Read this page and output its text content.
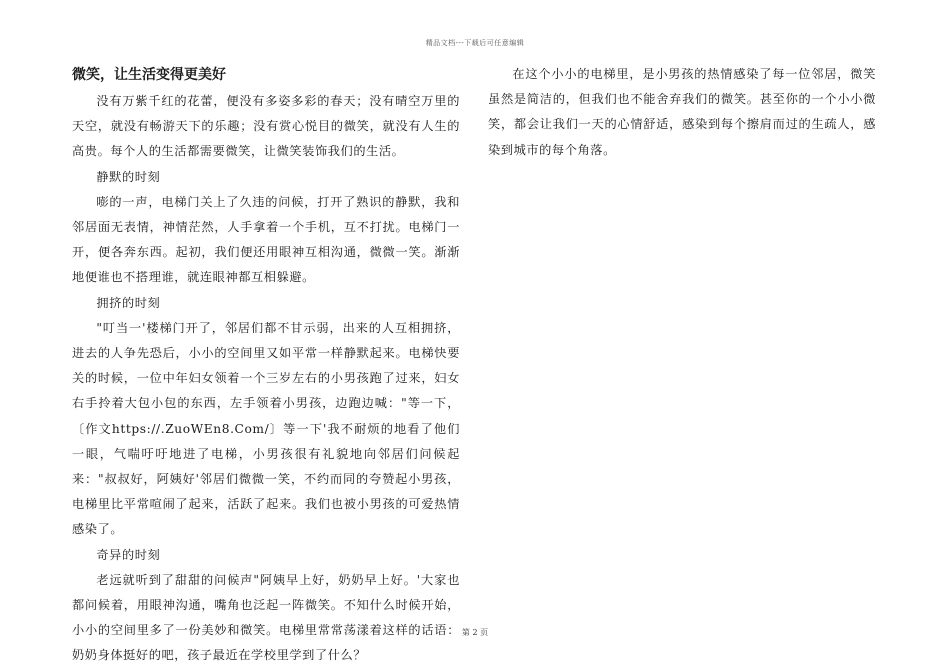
精品文档---下载后可任意编辑
微笑，让生活变得更美好

没有万紫千红的花蕾，便没有多姿多彩的春天；没有晴空万里的天空，就没有畅游天下的乐趣；没有赏心悦目的微笑，就没有人生的高贵。每个人的生活都需要微笑，让微笑装饰我们的生活。

静默的时刻

嘭的一声，电梯门关上了久违的问候，打开了熟识的静默，我和邻居面无表情，神情茫然，人手拿着一个手机，互不打扰。电梯门一开，便各奔东西。起初，我们便还用眼神互相沟通，微微一笑。渐渐地便谁也不搭理谁，就连眼神都互相躲避。

拥挤的时刻

"叮当一'楼梯门开了，邻居们都不甘示弱，出来的人互相拥挤，进去的人争先恐后，小小的空间里又如平常一样静默起来。电梯快要关的时候，一位中年妇女领着一个三岁左右的小男孩跑了过来，妇女右手拎着大包小包的东西，左手领着小男孩，边跑边喊："等一下，〔作文https://.ZuoWEn8.Com/〕等一下'我不耐烦的地看了他们一眼，气喘吁吁地进了电梯，小男孩很有礼貌地向邻居们问候起来："叔叔好，阿姨好'邻居们微微一笑，不约而同的夸赞起小男孩，电梯里比平常喧闹了起来，活跃了起来。我们也被小男孩的可爱热情感染了。

奇异的时刻

老远就听到了甜甜的问候声"阿姨早上好，奶奶早上好。'大家也都问候着，用眼神沟通，嘴角也泛起一阵微笑。不知什么时候开始，小小的空间里多了一份美妙和微笑。电梯里常常荡漾着这样的话语：奶奶身体挺好的吧，孩子最近在学校里学到了什么？

在这个小小的电梯里，是小男孩的热情感染了每一位邻居，微笑虽然是简洁的，但我们也不能舍弃我们的微笑。甚至你的一个小小微笑，都会让我们一天的心情舒适，感染到每个擦肩而过的生疏人，感染到城市的每个角落。

第 2 页
